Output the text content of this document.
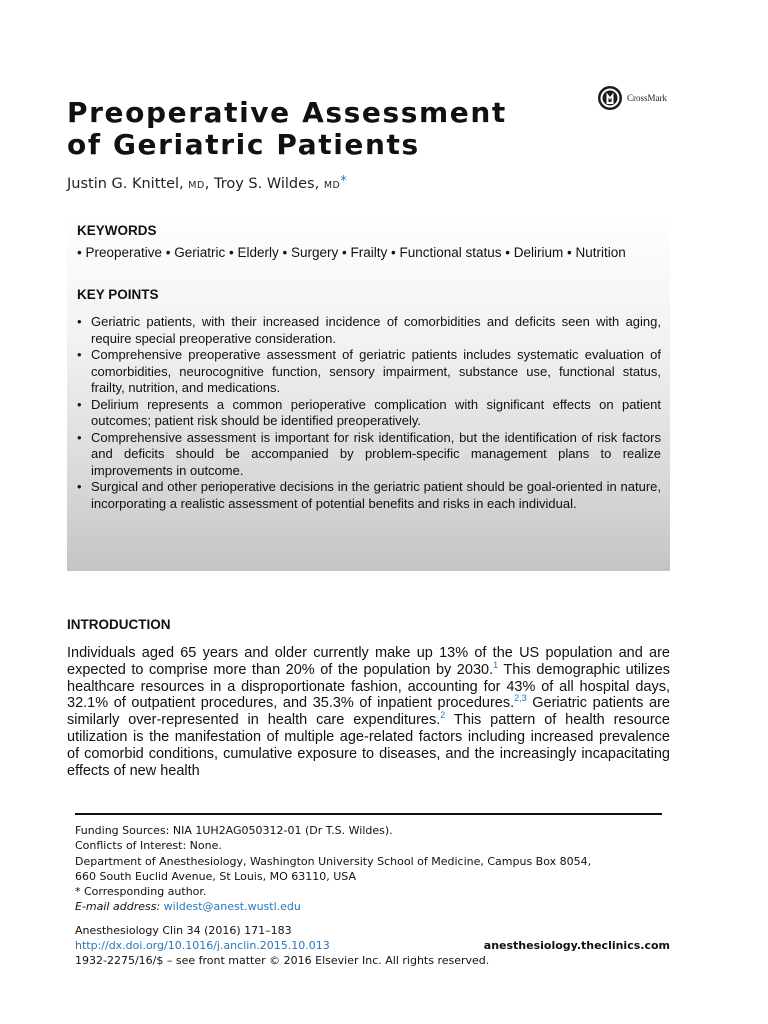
Preoperative Assessment
of Geriatric Patients
CrossMark
Justin G. Knittel, MD, Troy S. Wildes, MD*

KEYWORDS

• Preoperative • Geriatric • Elderly • Surgery • Frailty • Functional status • Delirium • Nutrition

KEY POINTS

• Geriatric patients, with their increased incidence of comorbidities and deficits seen with aging, require special preoperative consideration.
• Comprehensive preoperative assessment of geriatric patients includes systematic evaluation of comorbidities, neurocognitive function, sensory impairment, substance use, functional status, frailty, nutrition, and medications.
• Delirium represents a common perioperative complication with significant effects on patient outcomes; patient risk should be identified preoperatively.
• Comprehensive assessment is important for risk identification, but the identification of risk factors and deficits should be accompanied by problem-specific management plans to realize improvements in outcome.
• Surgical and other perioperative decisions in the geriatric patient should be goal-oriented in nature, incorporating a realistic assessment of potential benefits and risks in each individual.
INTRODUCTION
Individuals aged 65 years and older currently make up 13% of the US population and are expected to comprise more than 20% of the population by 2030.$^1$ This demographic utilizes healthcare resources in a disproportionate fashion, accounting for 43% of all hospital days, 32.1% of outpatient procedures, and 35.3% of inpatient procedures.$^{2,3}$ Geriatric patients are similarly over-represented in health care expenditures.$^2$ This pattern of health resource utilization is the manifestation of multiple age-related factors including increased prevalence of comorbid conditions, cumulative exposure to diseases, and the increasingly incapacitating effects of new health
Funding Sources: NIA 1UH2AG050312-01 (Dr T.S. Wildes).
Conflicts of Interest: None.
Department of Anesthesiology, Washington University School of Medicine, Campus Box 8054,
660 South Euclid Avenue, St Louis, MO 63110, USA
* Corresponding author.
E-mail address: wildest@anest.wustl.edu
Anesthesiology Clin 34 (2016) 171–183
http://dx.doi.org/10.1016/j.anclin.2015.10.013	anesthesiology.theclinics.com
1932-2275/16/$ – see front matter © 2016 Elsevier Inc. All rights reserved.
